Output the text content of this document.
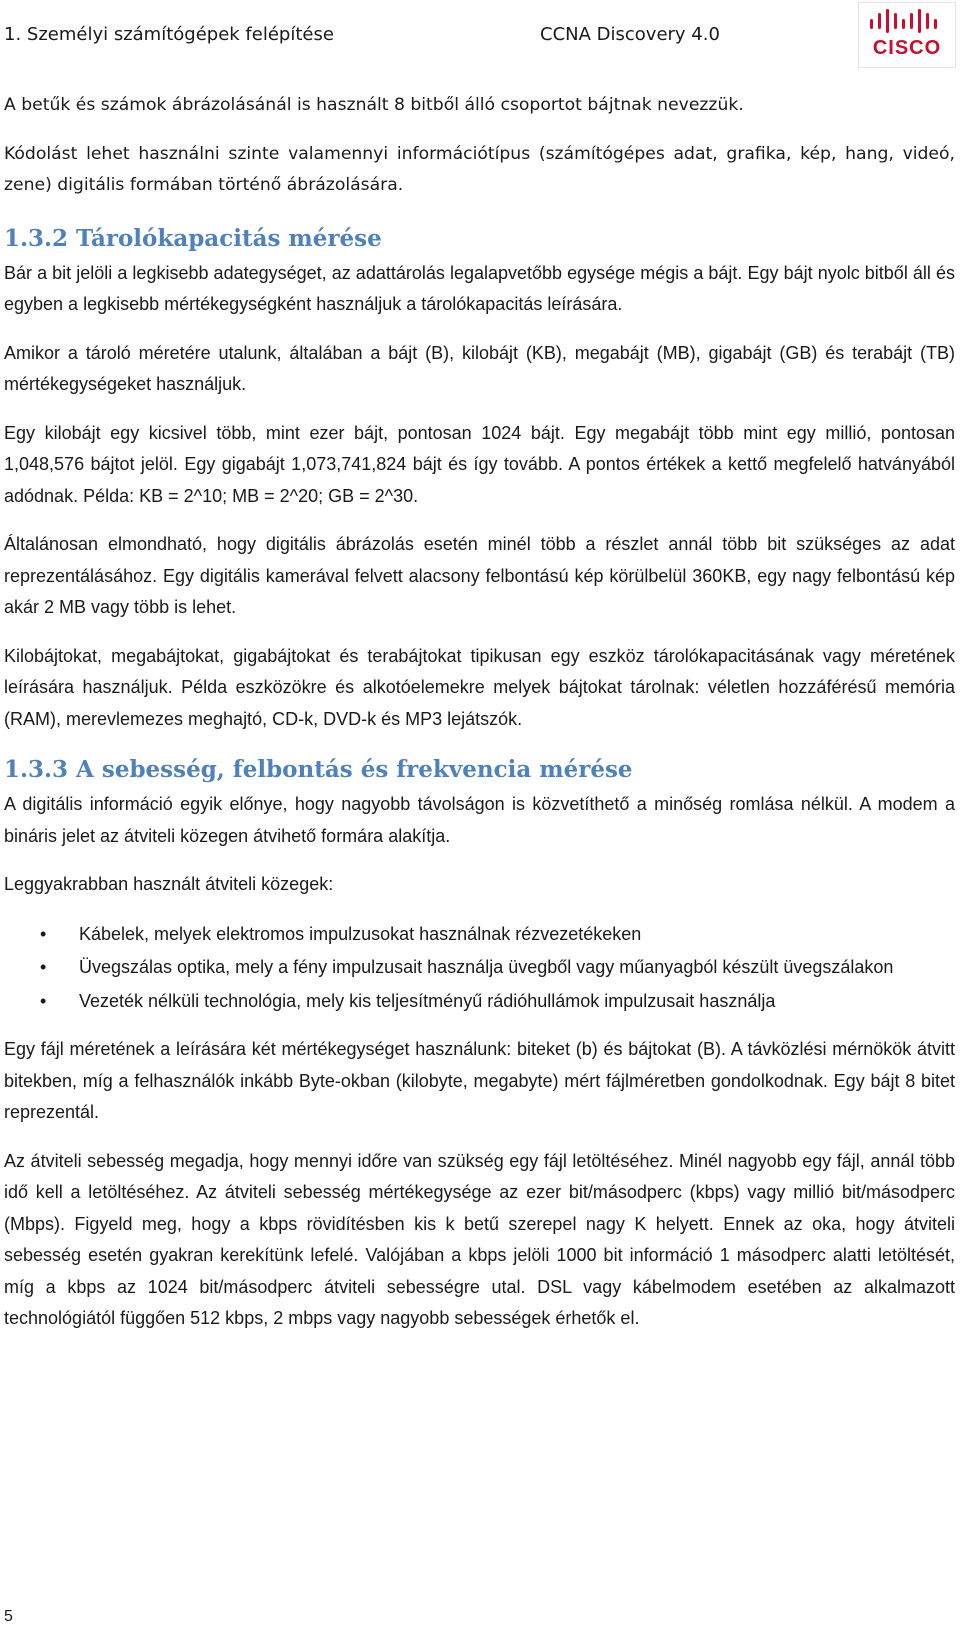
1. Személyi számítógépek felépítése	CCNA Discovery 4.0
CISCO

A betűk és számok ábrázolásánál is használt 8 bitből álló csoportot bájtnak nevezzük.

Kódolást lehet használni szinte valamennyi információtípus (számítógépes adat, grafika, kép, hang, videó, zene) digitális formában történő ábrázolására.

1.3.2 Tárolókapacitás mérése

Bár a bit jelöli a legkisebb adategységet, az adattárolás legalapvetőbb egysége mégis a bájt. Egy bájt nyolc bitből áll és egyben a legkisebb mértékegységként használjuk a tárolókapacitás leírására.

Amikor a tároló méretére utalunk, általában a bájt (B), kilobájt (KB), megabájt (MB), gigabájt (GB) és terabájt (TB) mértékegységeket használjuk.

Egy kilobájt egy kicsivel több, mint ezer bájt, pontosan 1024 bájt. Egy megabájt több mint egy millió, pontosan 1,048,576 bájtot jelöl. Egy gigabájt 1,073,741,824 bájt és így tovább. A pontos értékek a kettő megfelelő hatványából adódnak. Példa: KB = 2^10; MB = 2^20; GB = 2^30.

Általánosan elmondható, hogy digitális ábrázolás esetén minél több a részlet annál több bit szükséges az adat reprezentálásához. Egy digitális kamerával felvett alacsony felbontású kép körülbelül 360KB, egy nagy felbontású kép akár 2 MB vagy több is lehet.

Kilobájtokat, megabájtokat, gigabájtokat és terabájtokat tipikusan egy eszköz tárolókapacitásának vagy méretének leírására használjuk. Példa eszközökre és alkotóelemekre melyek bájtokat tárolnak: véletlen hozzáférésű memória (RAM), merevlemezes meghajtó, CD-k, DVD-k és MP3 lejátszók.

1.3.3 A sebesség, felbontás és frekvencia mérése

A digitális információ egyik előnye, hogy nagyobb távolságon is közvetíthető a minőség romlása nélkül. A modem a bináris jelet az átviteli közegen átvihető formára alakítja.

Leggyakrabban használt átviteli közegek:

• Kábelek, melyek elektromos impulzusokat használnak rézvezetékeken
• Üvegszálas optika, mely a fény impulzusait használja üvegből vagy műanyagból készült üvegszálakon
• Vezeték nélküli technológia, mely kis teljesítményű rádióhullámok impulzusait használja

Egy fájl méretének a leírására két mértékegységet használunk: biteket (b) és bájtokat (B). A távközlési mérnökök átvitt bitekben, míg a felhasználók inkább Byte-okban (kilobyte, megabyte) mért fájlméretben gondolkodnak. Egy bájt 8 bitet reprezentál.

Az átviteli sebesség megadja, hogy mennyi időre van szükség egy fájl letöltéséhez. Minél nagyobb egy fájl, annál több idő kell a letöltéséhez. Az átviteli sebesség mértékegysége az ezer bit/másodperc (kbps) vagy millió bit/másodperc (Mbps). Figyeld meg, hogy a kbps rövidítésben kis k betű szerepel nagy K helyett. Ennek az oka, hogy átviteli sebesség esetén gyakran kerekítünk lefelé. Valójában a kbps jelöli 1000 bit információ 1 másodperc alatti letöltését, míg a kbps az 1024 bit/másodperc átviteli sebességre utal. DSL vagy kábelmodem esetében az alkalmazott technológiától függően 512 kbps, 2 mbps vagy nagyobb sebességek érhetők el.

5
